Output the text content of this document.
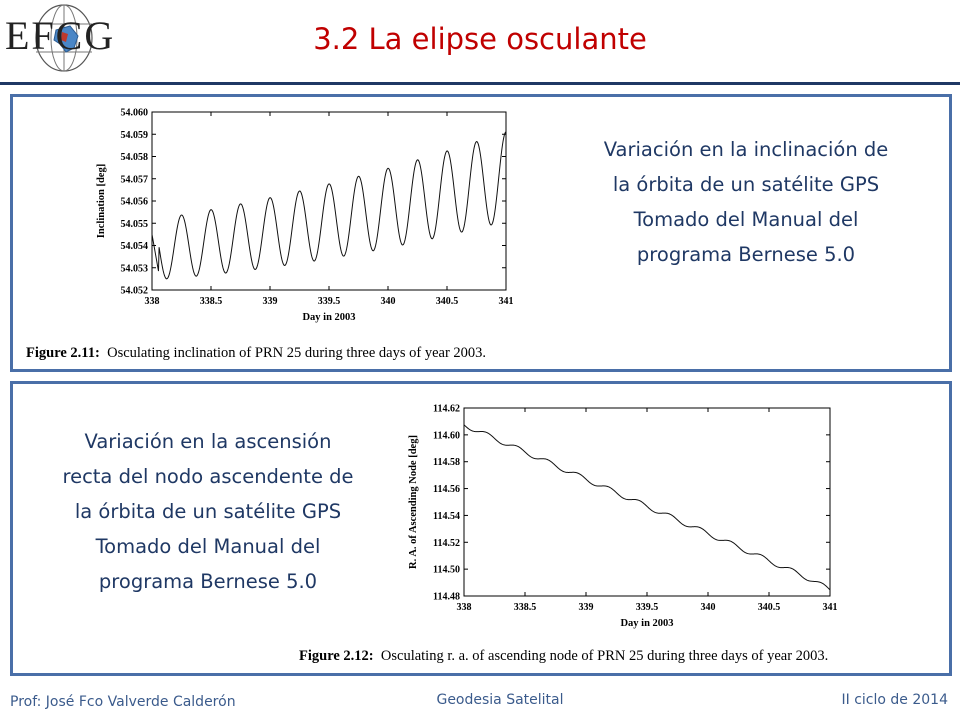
EFCG	3.2 La elipse osculante
338	338.5	339	339.5	340	340.5	341
54.052
54.053
54.054
54.055
54.056
54.057
54.058
54.059
54.060
Day in 2003
Inclination [deg]
Variación en la inclinación de
la órbita de un satélite GPS
Tomado del Manual del
programa Bernese 5.0
Figure 2.11: Osculating inclination of PRN 25 during three days of year 2003.
338	338.5	339	339.5	340	340.5	341
114.48
114.50
114.52
114.54
114.56
114.58
114.60
114.62
Day in 2003
R. A. of Ascending Node [deg]
Variación en la ascensión
recta del nodo ascendente de
la órbita de un satélite GPS
Tomado del Manual del
programa Bernese 5.0
Figure 2.12: Osculating r. a. of ascending node of PRN 25 during three days of year 2003.
Prof: José Fco Valverde Calderón	Geodesia Satelital	II ciclo de 2014
